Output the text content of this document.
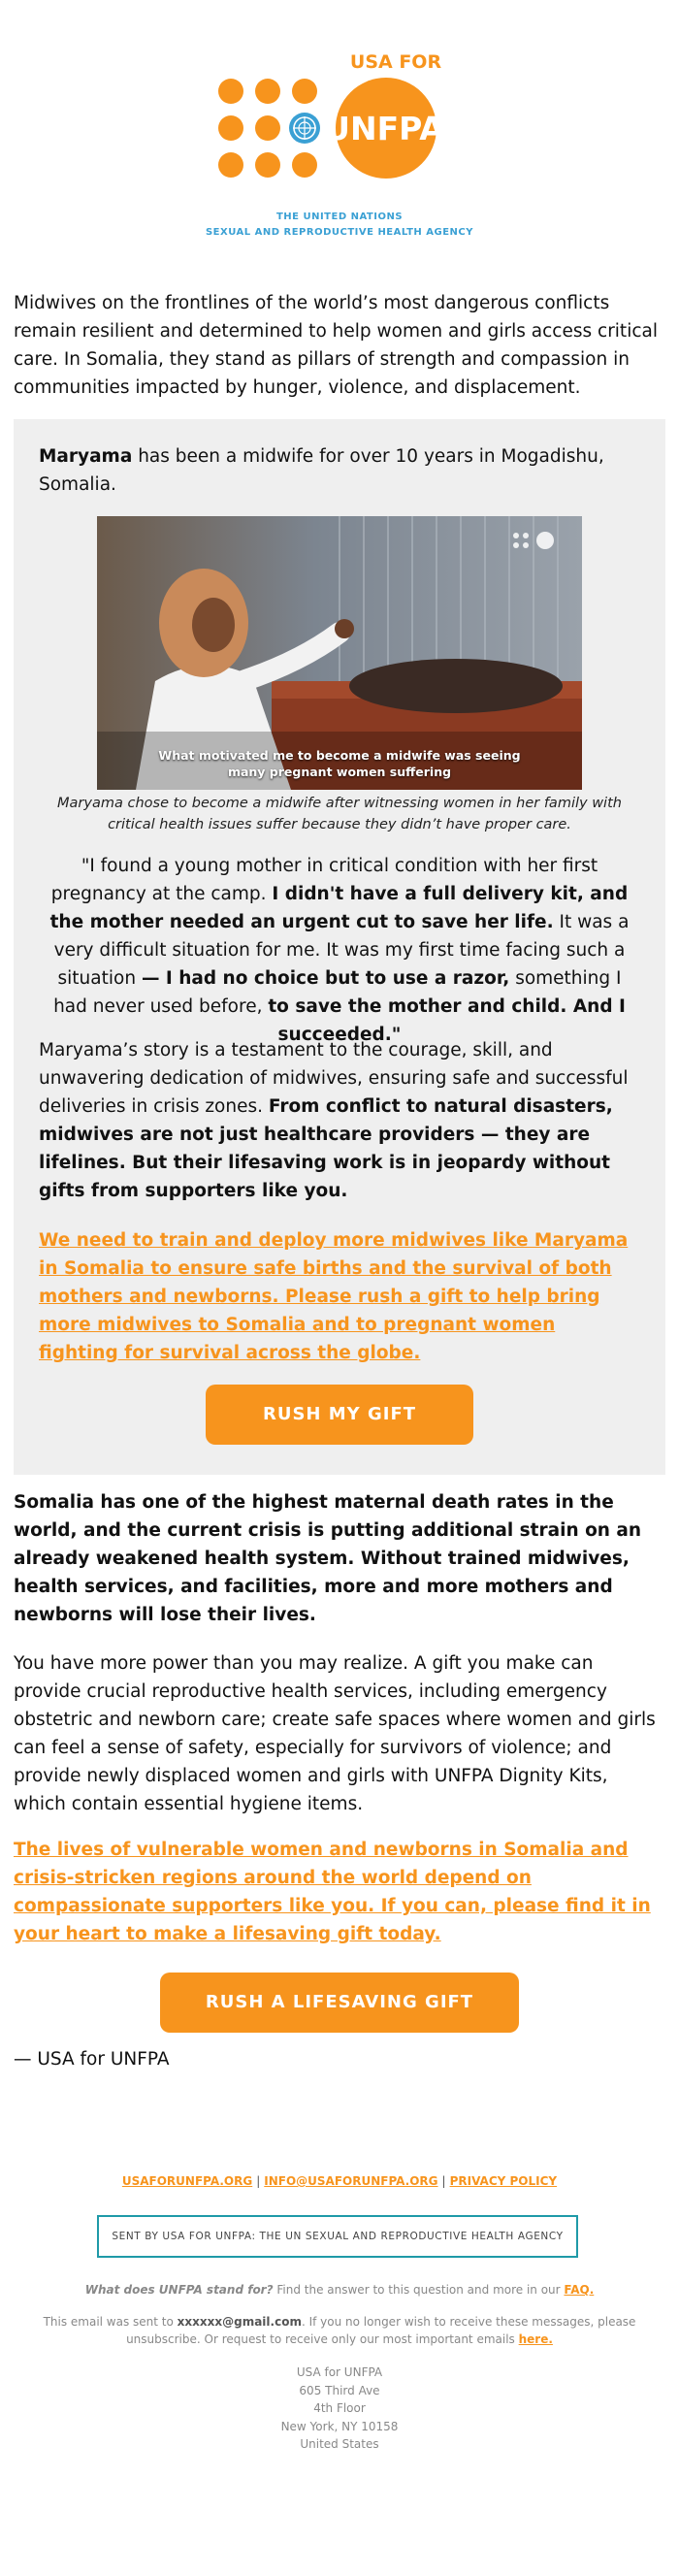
USA FOR
UNFPA
THE UNITED NATIONS
SEXUAL AND REPRODUCTIVE HEALTH AGENCY

Midwives on the frontlines of the world’s most dangerous conflicts remain resilient and determined to help women and girls access critical care. In Somalia, they stand as pillars of strength and compassion in communities impacted by hunger, violence, and displacement.

Maryama has been a midwife for over 10 years in Mogadishu, Somalia.

What motivated me to become a midwife was seeing
many pregnant women suffering

Maryama chose to become a midwife after witnessing women in her family with critical health issues suffer because they didn’t have proper care.

"I found a young mother in critical condition with her first pregnancy at the camp. I didn't have a full delivery kit, and the mother needed an urgent cut to save her life. It was a very difficult situation for me. It was my first time facing such a situation — I had no choice but to use a razor, something I had never used before, to save the mother and child. And I succeeded."

Maryama’s story is a testament to the courage, skill, and unwavering dedication of midwives, ensuring safe and successful deliveries in crisis zones. From conflict to natural disasters, midwives are not just healthcare providers — they are lifelines. But their lifesaving work is in jeopardy without gifts from supporters like you.

We need to train and deploy more midwives like Maryama in Somalia to ensure safe births and the survival of both mothers and newborns. Please rush a gift to help bring more midwives to Somalia and to pregnant women fighting for survival across the globe.

RUSH MY GIFT

Somalia has one of the highest maternal death rates in the world, and the current crisis is putting additional strain on an already weakened health system. Without trained midwives, health services, and facilities, more and more mothers and newborns will lose their lives.

You have more power than you may realize. A gift you make can provide crucial reproductive health services, including emergency obstetric and newborn care; create safe spaces where women and girls can feel a sense of safety, especially for survivors of violence; and provide newly displaced women and girls with UNFPA Dignity Kits, which contain essential hygiene items.

The lives of vulnerable women and newborns in Somalia and crisis-stricken regions around the world depend on compassionate supporters like you. If you can, please find it in your heart to make a lifesaving gift today.

RUSH A LIFESAVING GIFT

— USA for UNFPA

USAFORUNFPA.ORG | INFO@USAFORUNFPA.ORG | PRIVACY POLICY
SENT BY USA FOR UNFPA: THE UN SEXUAL AND REPRODUCTIVE HEALTH AGENCY
What does UNFPA stand for? Find the answer to this question and more in our FAQ.

This email was sent to xxxxxx@gmail.com. If you no longer wish to receive these messages, please unsubscribe. Or request to receive only our most important emails here.

USA for UNFPA
605 Third Ave
4th Floor
New York, NY 10158
United States
